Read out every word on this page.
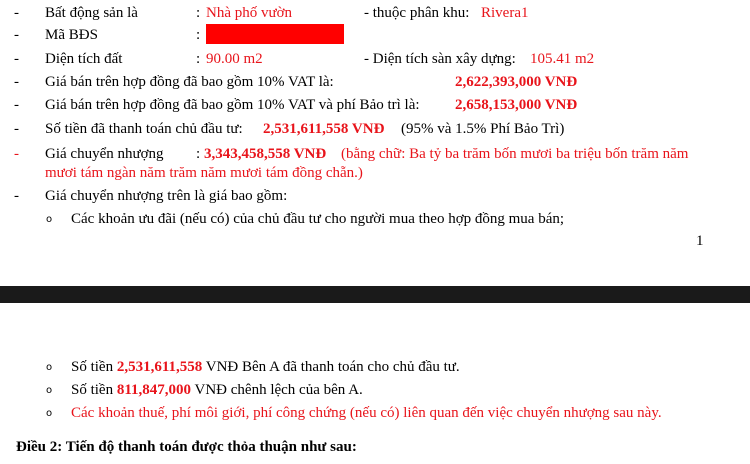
- Bất động sản là	: Nhà phố vườn	- thuộc phân khu: Rivera1
- Mã BĐS	:
- Diện tích đất	: 90.00 m2	- Diện tích sàn xây dựng: 105.41 m2
- Giá bán trên hợp đồng đã bao gồm 10% VAT là:	2,622,393,000 VNĐ
- Giá bán trên hợp đồng đã bao gồm 10% VAT và phí Bảo trì là: 2,658,153,000 VNĐ
- Số tiền đã thanh toán chủ đầu tư: 2,531,611,558 VNĐ (95% và 1.5% Phí Bảo Trì)
- Giá chuyển nhượng : 3,343,458,558 VNĐ (bằng chữ: Ba tỷ ba trăm bốn mươi ba triệu bốn trăm năm
mươi tám ngàn năm trăm năm mươi tám đồng chẵn.)
- Giá chuyển nhượng trên là giá bao gồm:
o Các khoản ưu đãi (nếu có) của chủ đầu tư cho người mua theo hợp đồng mua bán;
1
o Số tiền 2,531,611,558 VNĐ Bên A đã thanh toán cho chủ đầu tư.
o Số tiền 811,847,000 VNĐ chênh lệch của bên A.
o Các khoản thuế, phí môi giới, phí công chứng (nếu có) liên quan đến việc chuyển nhượng sau này.
Điều 2: Tiến độ thanh toán được thỏa thuận như sau:
